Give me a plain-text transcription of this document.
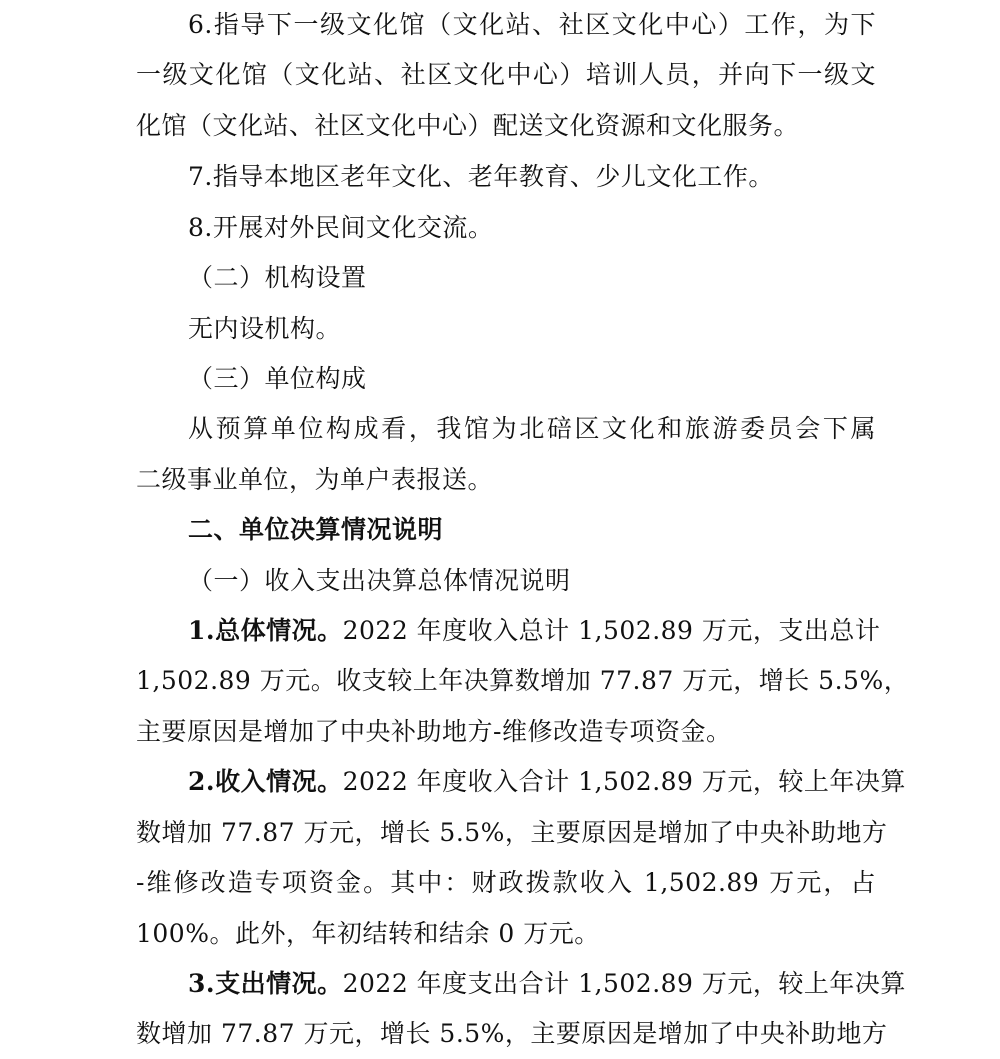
6.指导下一级文化馆（文化站、社区文化中心）工作，为下
一级文化馆（文化站、社区文化中心）培训人员，并向下一级文
化馆（文化站、社区文化中心）配送文化资源和文化服务。
7.指导本地区老年文化、老年教育、少儿文化工作。
8.开展对外民间文化交流。
（二）机构设置
无内设机构。
（三）单位构成
从预算单位构成看，我馆为北碚区文化和旅游委员会下属
二级事业单位，为单户表报送。
二、单位决算情况说明
（一）收入支出决算总体情况说明
1.总体情况。2022 年度收入总计 1,502.89 万元，支出总计
1,502.89 万元。收支较上年决算数增加 77.87 万元，增长 5.5%，
主要原因是增加了中央补助地方-维修改造专项资金。
2.收入情况。2022 年度收入合计 1,502.89 万元，较上年决算
数增加 77.87 万元，增长 5.5%，主要原因是增加了中央补助地方
-维修改造专项资金。其中：财政拨款收入 1,502.89 万元，占
100%。此外，年初结转和结余 0 万元。
3.支出情况。2022 年度支出合计 1,502.89 万元，较上年决算
数增加 77.87 万元，增长 5.5%，主要原因是增加了中央补助地方
